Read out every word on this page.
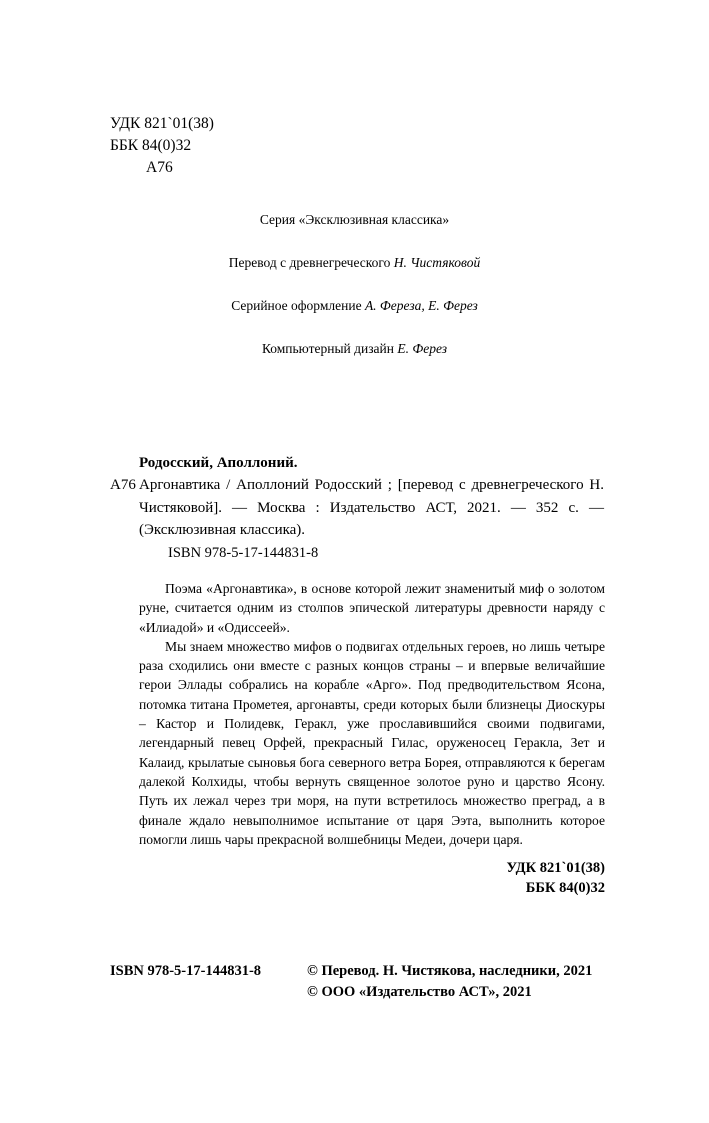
УДК 821`01(38)
ББК 84(0)32
А76
Серия «Эксклюзивная классика»
Перевод с древнегреческого Н. Чистяковой
Серийное оформление А. Фереза, Е. Ферез
Компьютерный дизайн Е. Ферез
Родосский, Аполлоний.
А76 Аргонавтика / Аполлоний Родосский ; [перевод с древнегреческого Н. Чистяковой]. — Москва : Издательство АСТ, 2021. — 352 с. — (Эксклюзивная классика).
ISBN 978-5-17-144831-8

Поэма «Аргонавтика», в основе которой лежит знаменитый миф о золотом руне, считается одним из столпов эпической литературы древности наряду с «Илиадой» и «Одиссеей».

Мы знаем множество мифов о подвигах отдельных героев, но лишь четыре раза сходились они вместе с разных концов страны – и впервые величайшие герои Эллады собрались на корабле «Арго». Под предводительством Ясона, потомка титана Прометея, аргонавты, среди которых были близнецы Диоскуры – Кастор и Полидевк, Геракл, уже прославившийся своими подвигами, легендарный певец Орфей, прекрасный Гилас, оруженосец Геракла, Зет и Калаид, крылатые сыновья бога северного ветра Борея, отправляются к берегам далекой Колхиды, чтобы вернуть священное золотое руно и царство Ясону. Путь их лежал через три моря, на пути встретилось множество преград, а в финале ждало невыполнимое испытание от царя Ээта, выполнить которое помогли лишь чары прекрасной волшебницы Медеи, дочери царя.

УДК 821`01(38)
ББК 84(0)32
ISBN 978-5-17-144831-8	© Перевод. Н. Чистякова, наследники, 2021
© ООО «Издательство АСТ», 2021
